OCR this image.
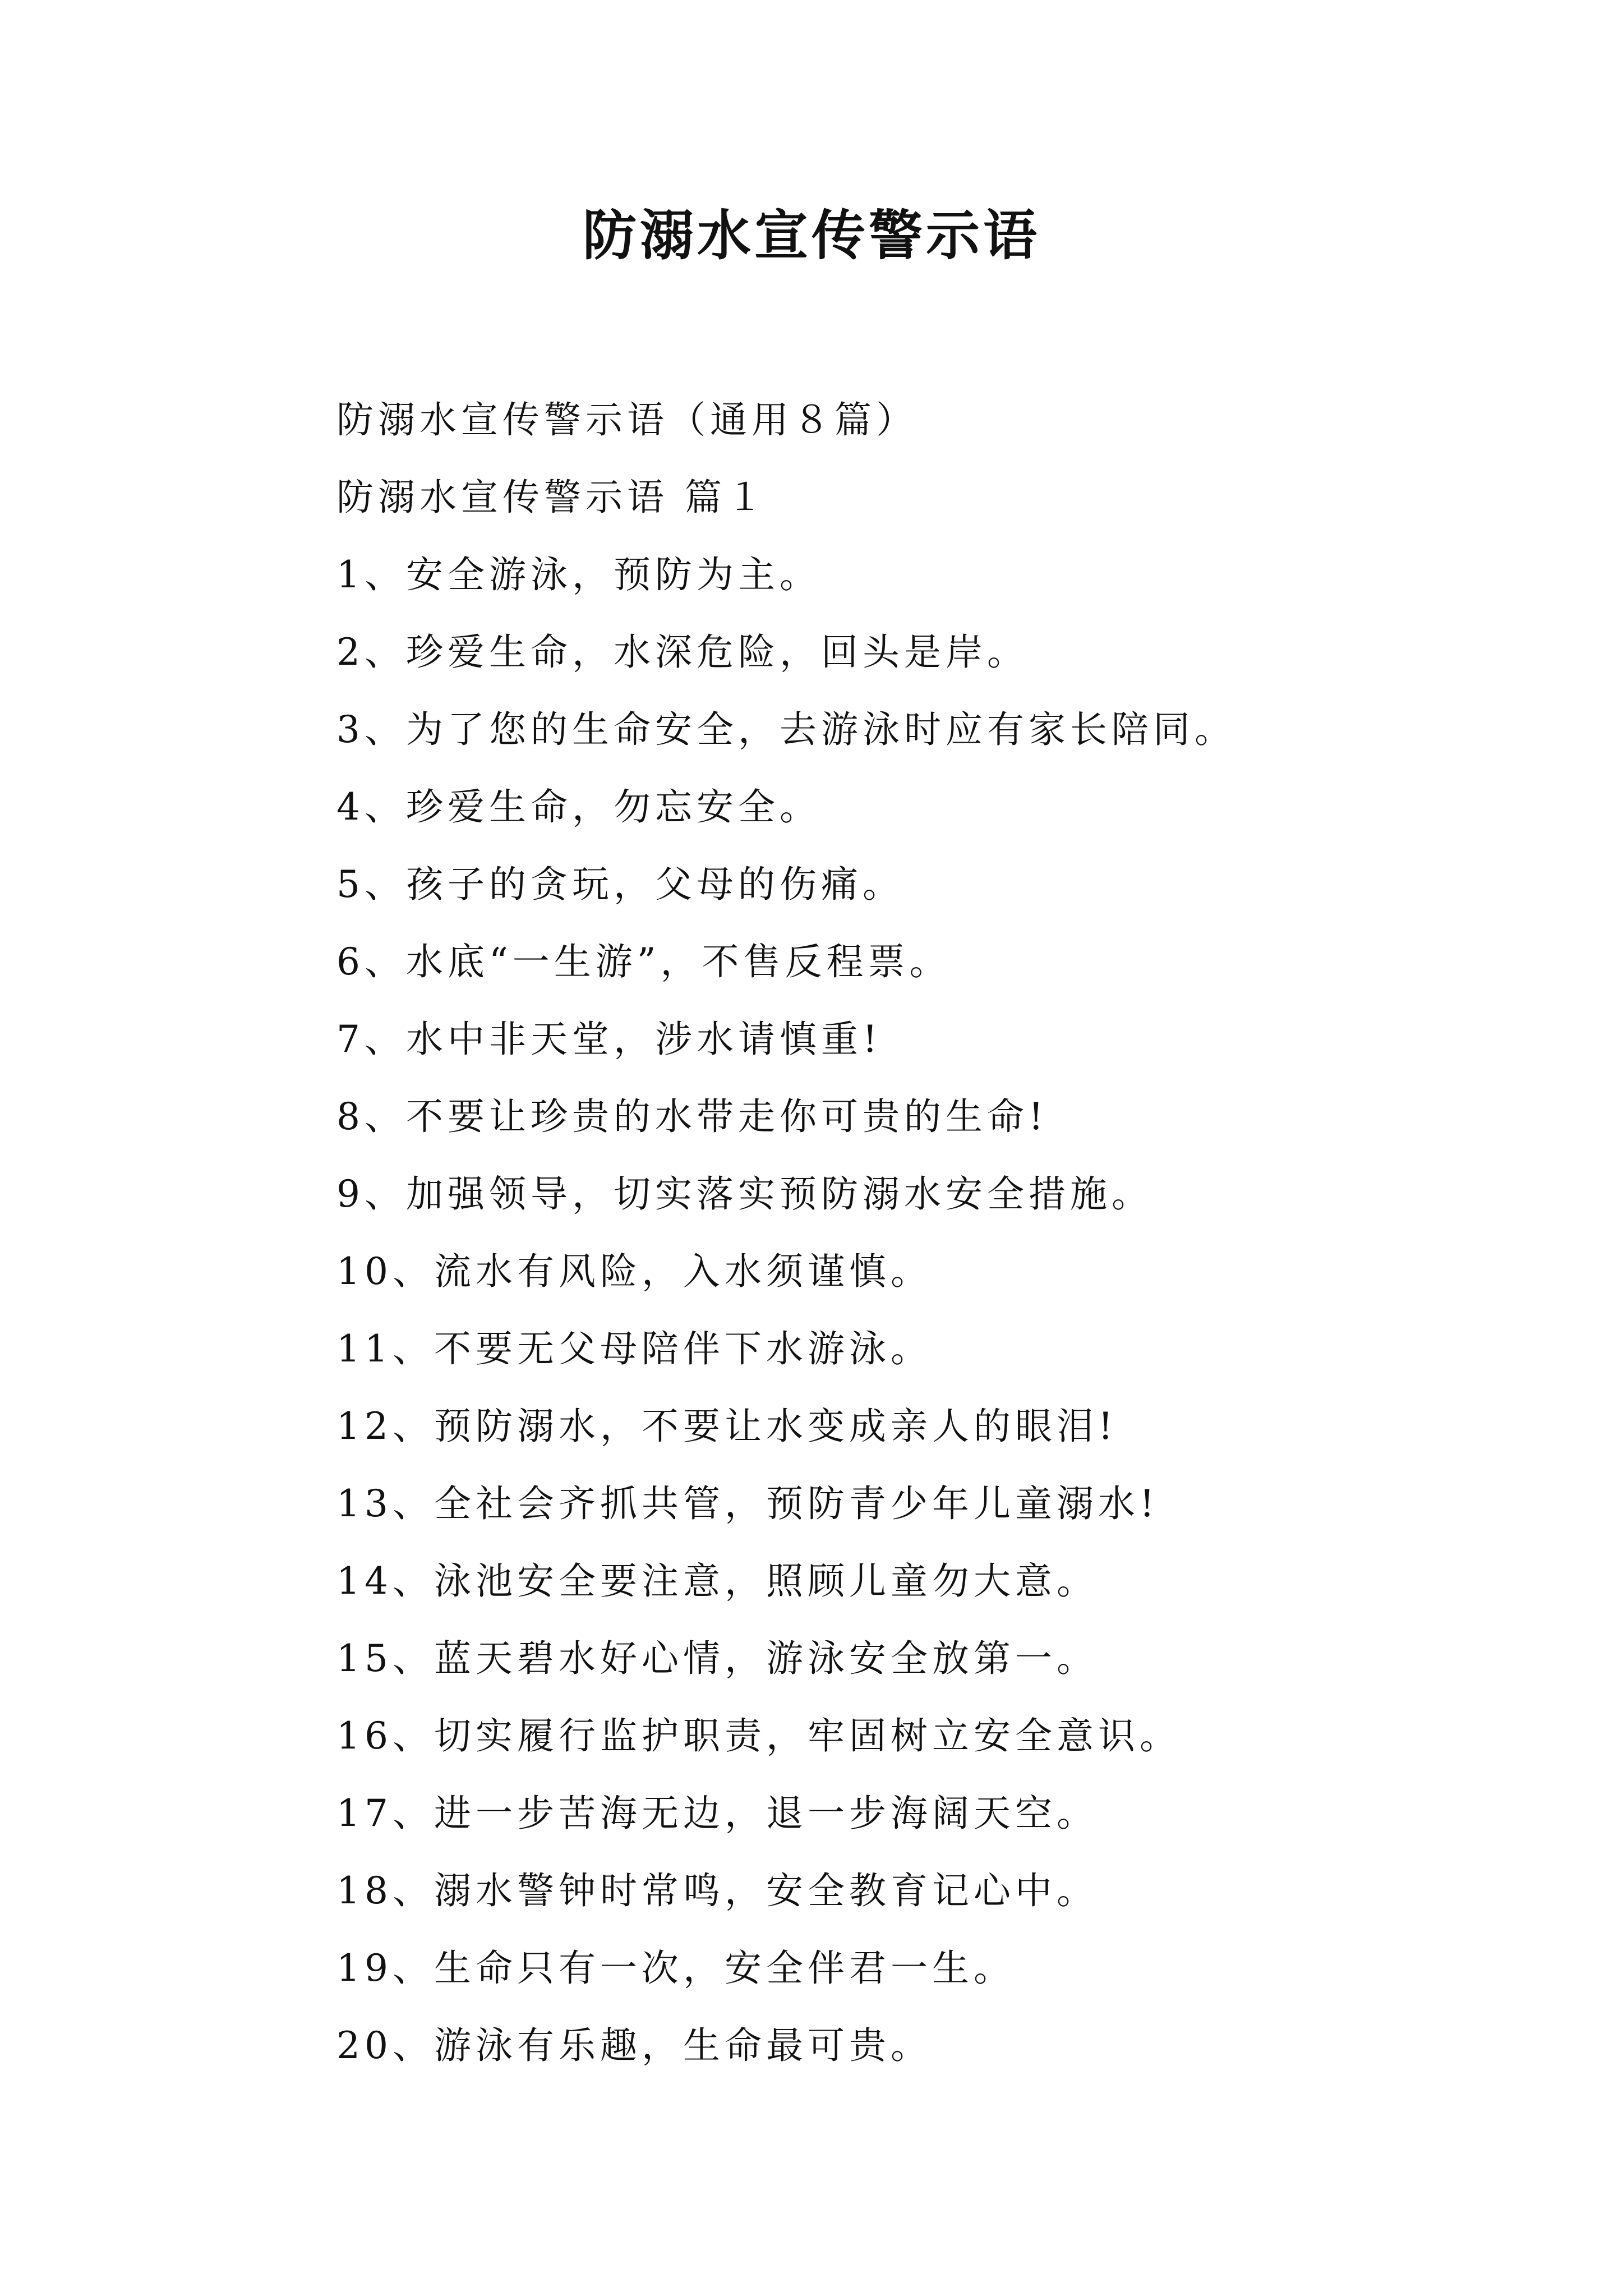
防溺水宣传警示语

防溺水宣传警示语（通用８篇）

防溺水宣传警示语 篇１

1、安全游泳，预防为主。
2、珍爱生命，水深危险，回头是岸。
3、为了您的生命安全，去游泳时应有家长陪同。
4、珍爱生命，勿忘安全。
5、孩子的贪玩，父母的伤痛。
6、水底“一生游”，不售反程票。
7、水中非天堂，涉水请慎重!
8、不要让珍贵的水带走你可贵的生命!
9、加强领导，切实落实预防溺水安全措施。
10、流水有风险，入水须谨慎。
11、不要无父母陪伴下水游泳。
12、预防溺水，不要让水变成亲人的眼泪!
13、全社会齐抓共管，预防青少年儿童溺水!
14、泳池安全要注意，照顾儿童勿大意。
15、蓝天碧水好心情，游泳安全放第一。
16、切实履行监护职责，牢固树立安全意识。
17、进一步苦海无边，退一步海阔天空。
18、溺水警钟时常鸣，安全教育记心中。
19、生命只有一次，安全伴君一生。
20、游泳有乐趣，生命最可贵。
